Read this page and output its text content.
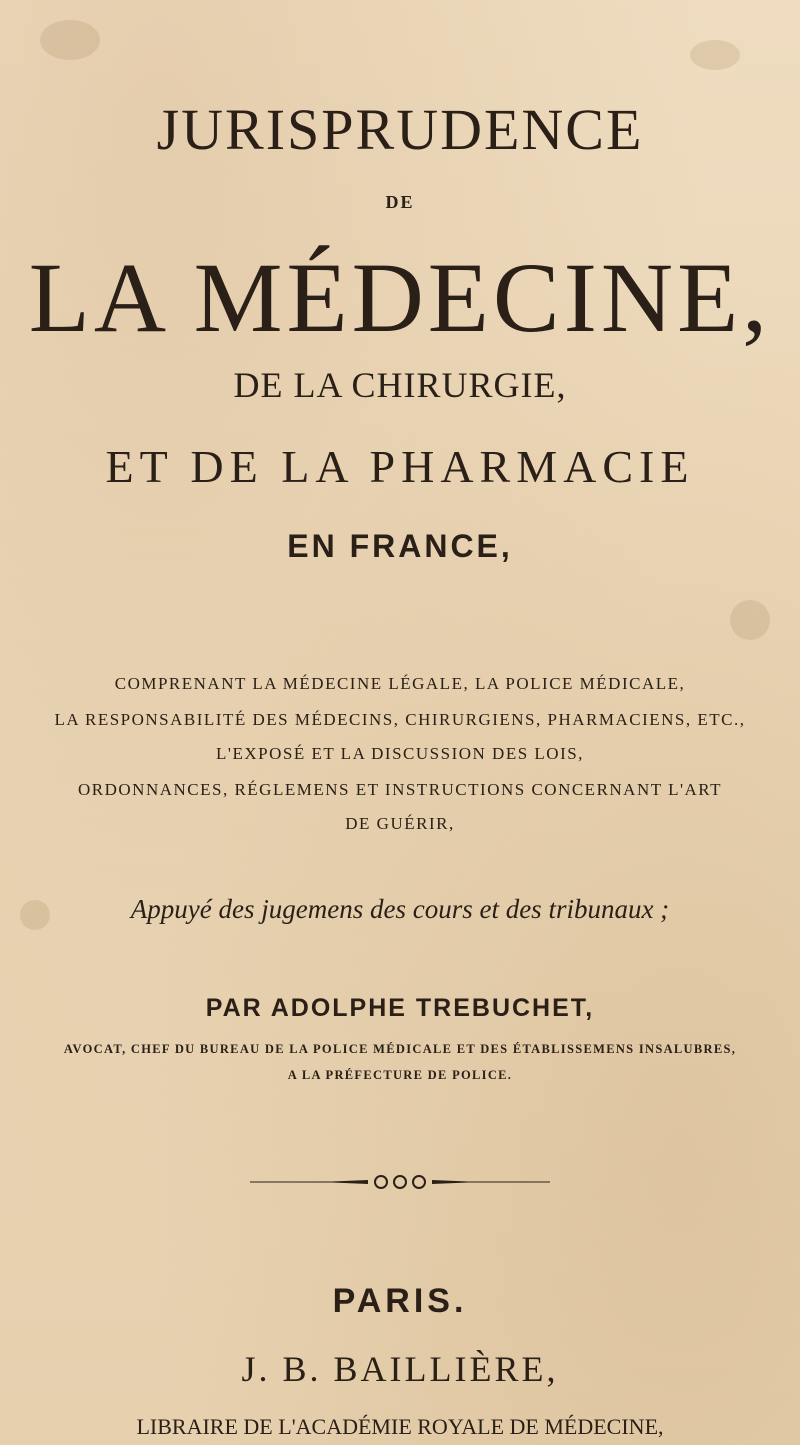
JURISPRUDENCE
DE
LA MÉDECINE,
DE LA CHIRURGIE,
ET DE LA PHARMACIE
EN FRANCE,
COMPRENANT LA MÉDECINE LÉGALE, LA POLICE MÉDICALE,
LA RESPONSABILITÉ DES MÉDECINS, CHIRURGIENS, PHARMACIENS, ETC.,
L'EXPOSÉ ET LA DISCUSSION DES LOIS,
ORDONNANCES, RÉGLEMENS ET INSTRUCTIONS CONCERNANT L'ART
DE GUÉRIR,
Appuyé des jugemens des cours et des tribunaux ;
PAR ADOLPHE TREBUCHET,
AVOCAT, CHEF DU BUREAU DE LA POLICE MÉDICALE ET DES ÉTABLISSEMENS INSALUBRES,
A LA PRÉFECTURE DE POLICE.
PARIS.
J. B. BAILLIÈRE,
LIBRAIRE DE L'ACADÉMIE ROYALE DE MÉDECINE,
